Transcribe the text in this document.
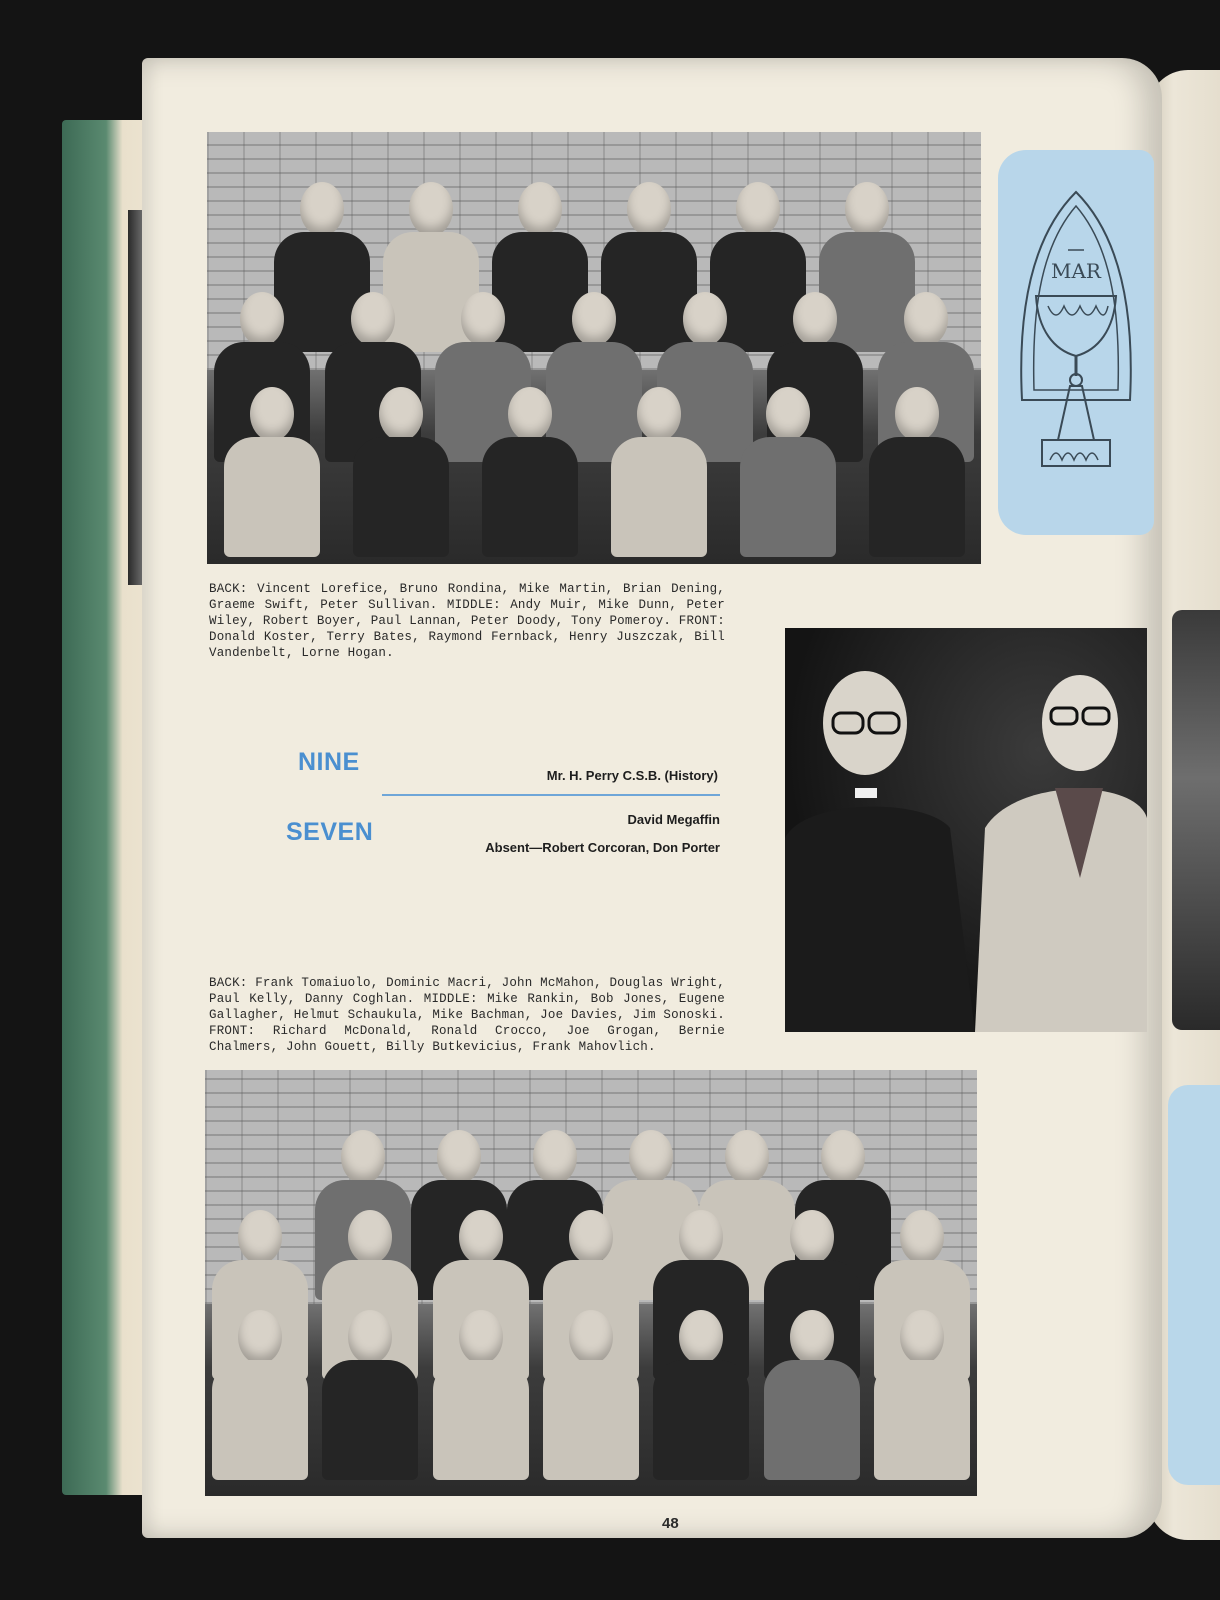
MAR
BACK: Vincent Lorefice, Bruno Rondina, Mike Martin, Brian Dening, Graeme Swift, Peter Sullivan. MIDDLE: Andy Muir, Mike Dunn, Peter Wiley, Robert Boyer, Paul Lannan, Peter Doody, Tony Pomeroy. FRONT: Donald Koster, Terry Bates, Raymond Fernback, Henry Juszczak, Bill Vandenbelt, Lorne Hogan.
NINE
SEVEN
Mr. H. Perry C.S.B. (History)
David Megaffin
Absent—Robert Corcoran, Don Porter
BACK: Frank Tomaiuolo, Dominic Macri, John McMahon, Douglas Wright, Paul Kelly, Danny Coghlan. MIDDLE: Mike Rankin, Bob Jones, Eugene Gallagher, Helmut Schaukula, Mike Bachman, Joe Davies, Jim Sonoski. FRONT: Richard McDonald, Ronald Crocco, Joe Grogan, Bernie Chalmers, John Gouett, Billy Butkevicius, Frank Mahovlich.
48
